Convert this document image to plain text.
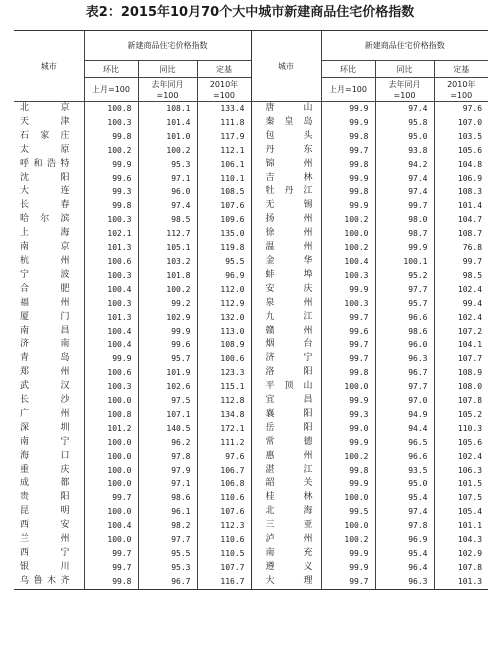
表2：2015年10月70个大中城市新建商品住宅价格指数
城市	新建商品住宅价格指数			城市	新建商品住宅价格指数		
	环比	同比	定基		环比	同比	定基
	上月=100	去年同月=100	2010年=100		上月=100	去年同月=100	2010年=100
北 京	100.8	108.1	133.4	唐 山	99.9	97.4	97.6
天 津	100.3	101.4	111.8	秦皇岛	99.9	95.8	107.0
石家庄	99.8	101.0	117.9	包 头	99.8	95.0	103.5
太 原	100.2	100.2	112.1	丹 东	99.7	93.8	105.6
呼和浩特	99.9	95.3	106.1	锦 州	99.8	94.2	104.8
沈 阳	99.6	97.1	110.1	吉 林	99.9	97.4	106.9
大 连	99.3	96.0	108.5	牡丹江	99.8	97.4	108.3
长 春	99.8	97.4	107.6	无 锡	99.9	99.7	101.4
哈尔滨	100.3	98.5	109.6	扬 州	100.2	98.0	104.7
上 海	102.1	112.7	135.0	徐 州	100.0	98.7	108.7
南 京	101.3	105.1	119.8	温 州	100.2	99.9	76.8
杭 州	100.6	103.2	95.5	金 华	100.4	100.1	99.7
宁 波	100.3	101.8	96.9	蚌 埠	100.3	95.2	98.5
合 肥	100.4	100.2	112.0	安 庆	99.9	97.7	102.4
福 州	100.3	99.2	112.9	泉 州	100.3	95.7	99.4
厦 门	101.3	102.9	132.0	九 江	99.7	96.6	102.4
南 昌	100.4	99.9	113.0	赣 州	99.6	98.6	107.2
济 南	100.4	99.6	108.9	烟 台	99.7	96.0	104.1
青 岛	99.9	95.7	100.6	济 宁	99.7	96.3	107.7
郑 州	100.6	101.9	123.3	洛 阳	99.8	96.7	108.9
武 汉	100.3	102.6	115.1	平顶山	100.0	97.7	108.0
长 沙	100.0	97.5	112.8	宜 昌	99.9	97.0	107.8
广 州	100.8	107.1	134.8	襄 阳	99.3	94.9	105.2
深 圳	101.2	140.5	172.1	岳 阳	99.0	94.4	110.3
南 宁	100.0	96.2	111.2	常 德	99.9	96.5	105.6
海 口	100.0	97.8	97.6	惠 州	100.2	96.6	102.4
重 庆	100.0	97.9	106.7	湛 江	99.8	93.5	106.3
成 都	100.0	97.1	106.8	韶 关	99.9	95.0	101.5
贵 阳	99.7	98.6	110.6	桂 林	100.0	95.4	107.5
昆 明	100.0	96.1	107.6	北 海	99.5	97.4	105.4
西 安	100.4	98.2	112.3	三 亚	100.0	97.8	101.1
兰 州	100.0	97.7	110.6	泸 州	100.2	96.9	104.3
西 宁	99.7	95.5	110.5	南 充	99.9	95.4	102.9
银 川	99.7	95.3	107.7	遵 义	99.9	96.4	107.8
乌鲁木齐	99.8	96.7	116.7	大 理	99.7	96.3	101.3
